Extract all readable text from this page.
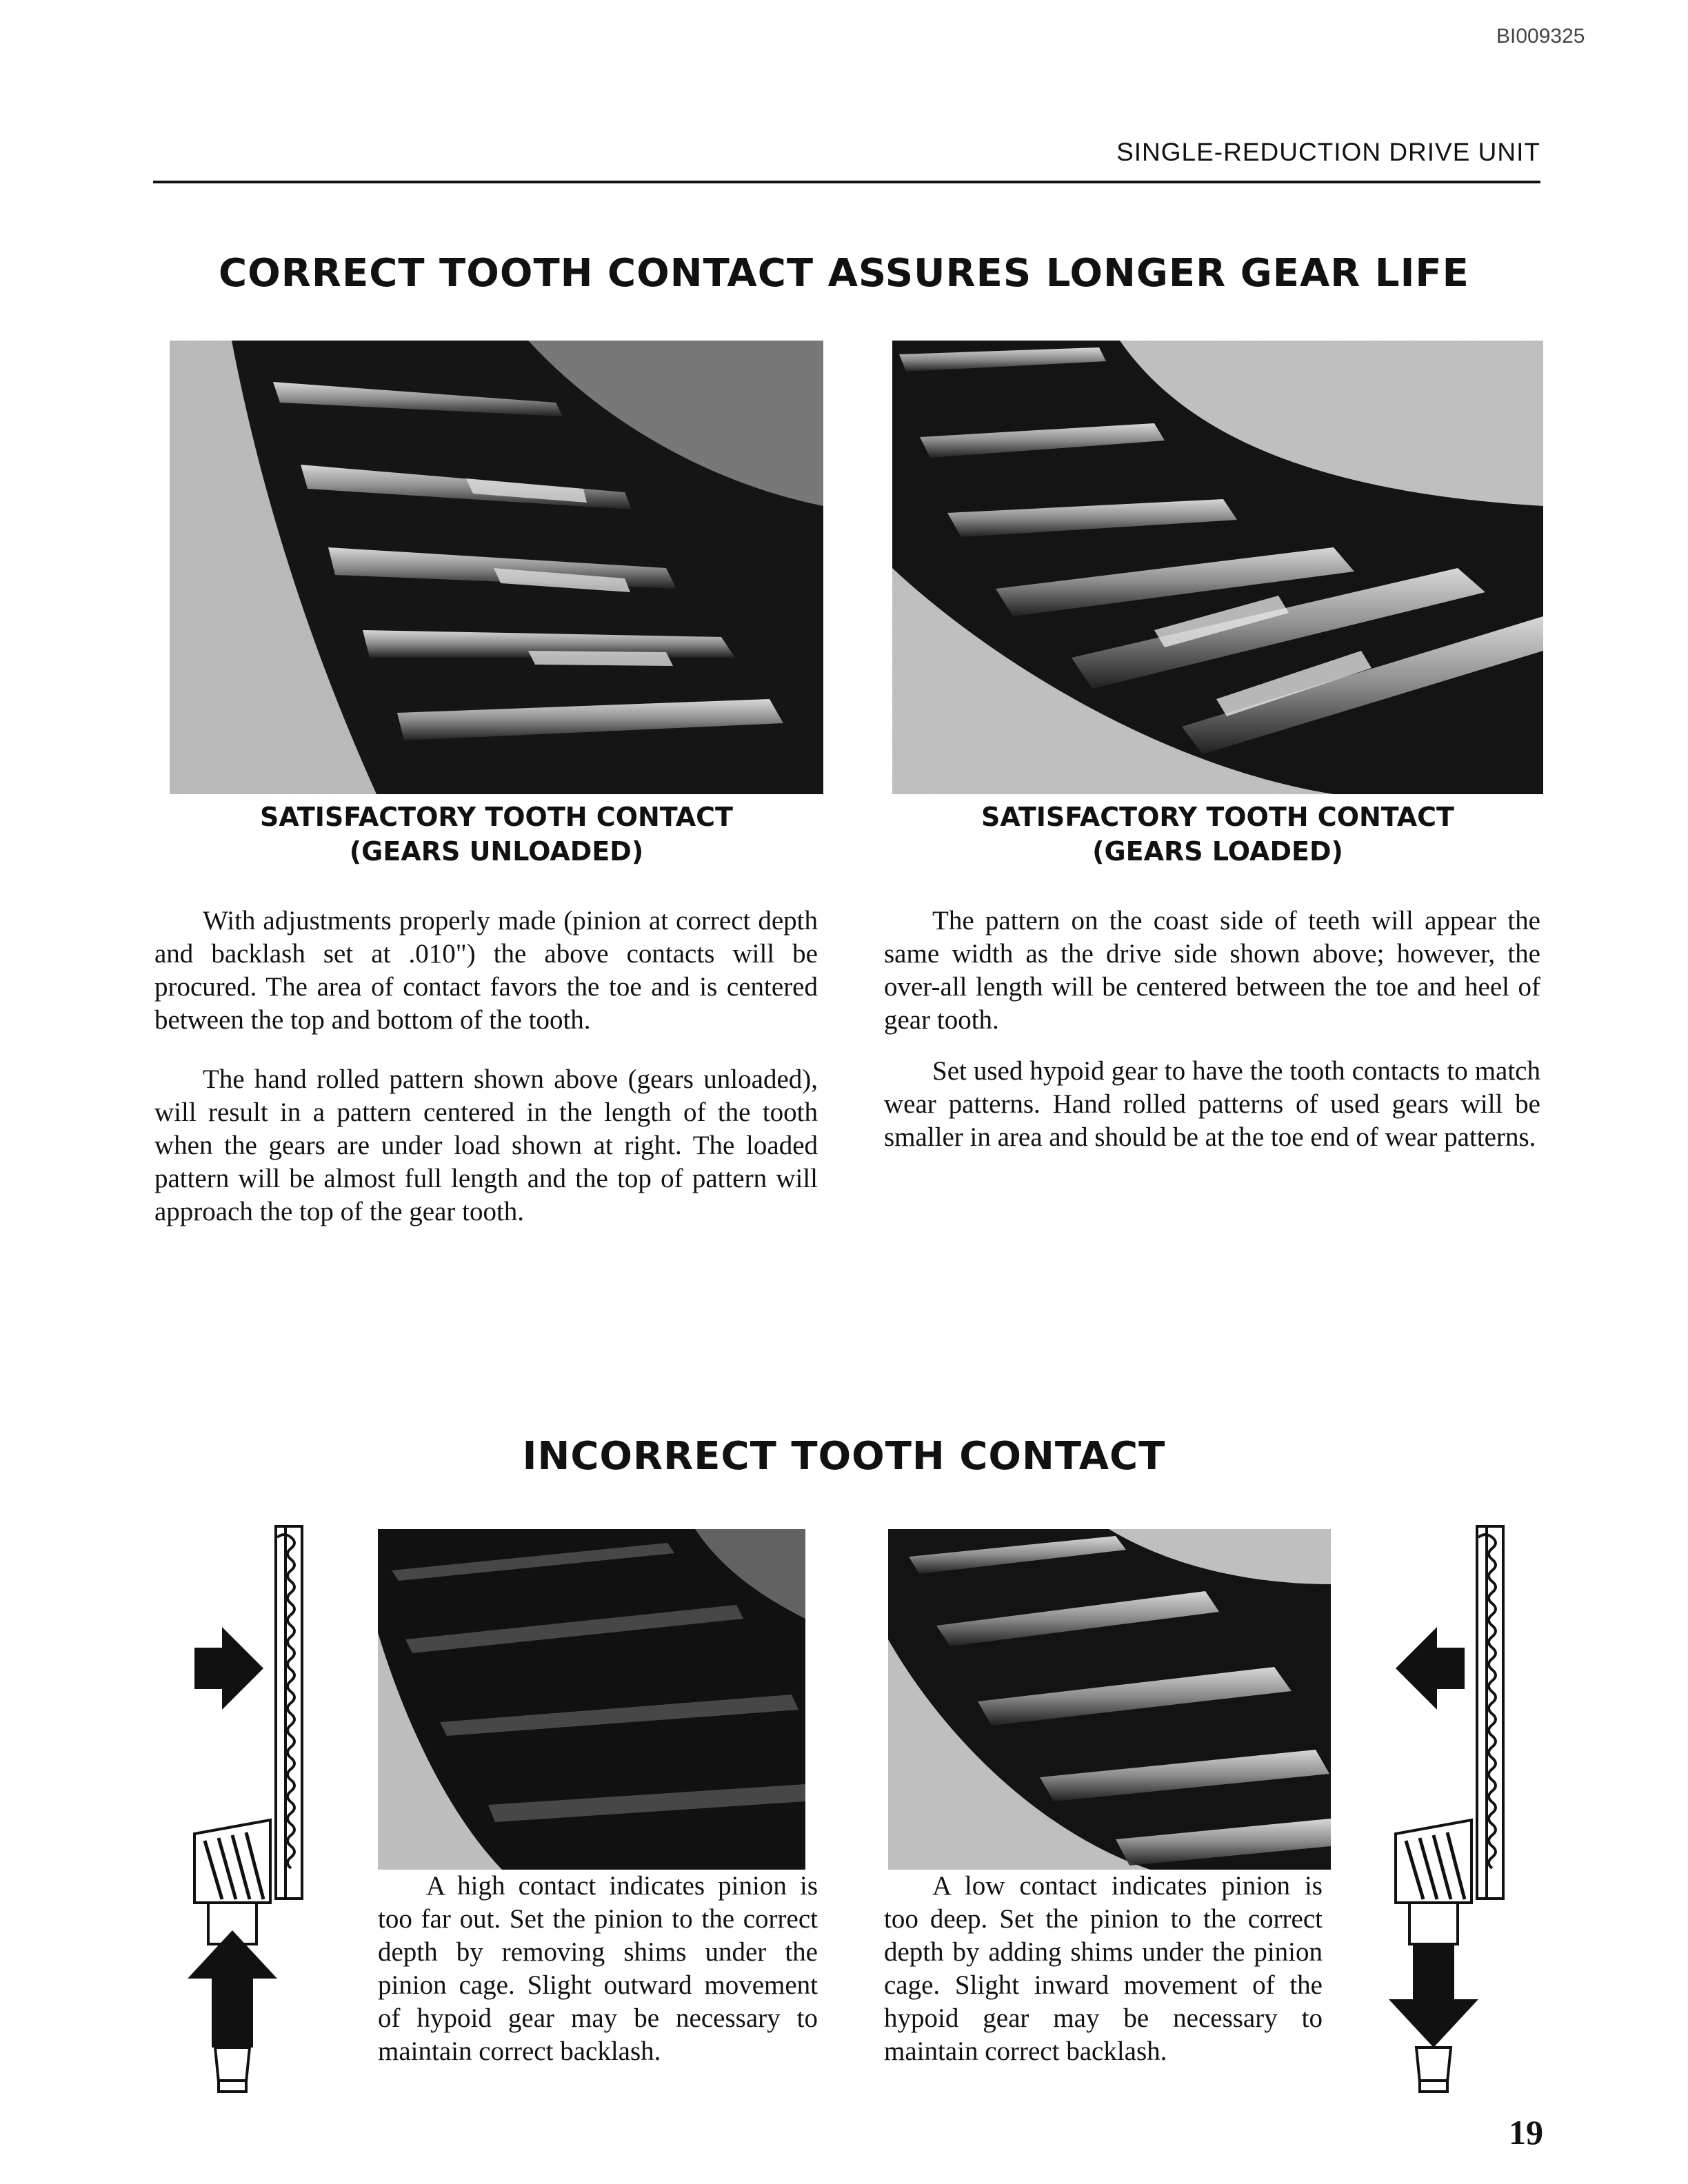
BI009325
SINGLE-REDUCTION DRIVE UNIT
CORRECT TOOTH CONTACT ASSURES LONGER GEAR LIFE
SATISFACTORY TOOTH CONTACT
(GEARS UNLOADED)
SATISFACTORY TOOTH CONTACT
(GEARS LOADED)

With adjustments properly made (pinion at correct depth and backlash set at .010") the above contacts will be procured. The area of contact favors the toe and is centered between the top and bottom of the tooth.

The hand rolled pattern shown above (gears unloaded), will result in a pattern centered in the length of the tooth when the gears are under load shown at right. The loaded pattern will be almost full length and the top of pattern will approach the top of the gear tooth.

The pattern on the coast side of teeth will appear the same width as the drive side shown above; however, the over-all length will be centered between the toe and heel of gear tooth.

Set used hypoid gear to have the tooth contacts to match wear patterns. Hand rolled patterns of used gears will be smaller in area and should be at the toe end of wear patterns.

INCORRECT TOOTH CONTACT

A high contact indicates pinion is too far out. Set the pinion to the correct depth by removing shims under the pinion cage. Slight outward movement of hypoid gear may be necessary to maintain correct backlash.

A low contact indicates pinion is too deep. Set the pinion to the correct depth by adding shims under the pinion cage. Slight inward movement of the hypoid gear may be necessary to maintain correct backlash.

19
